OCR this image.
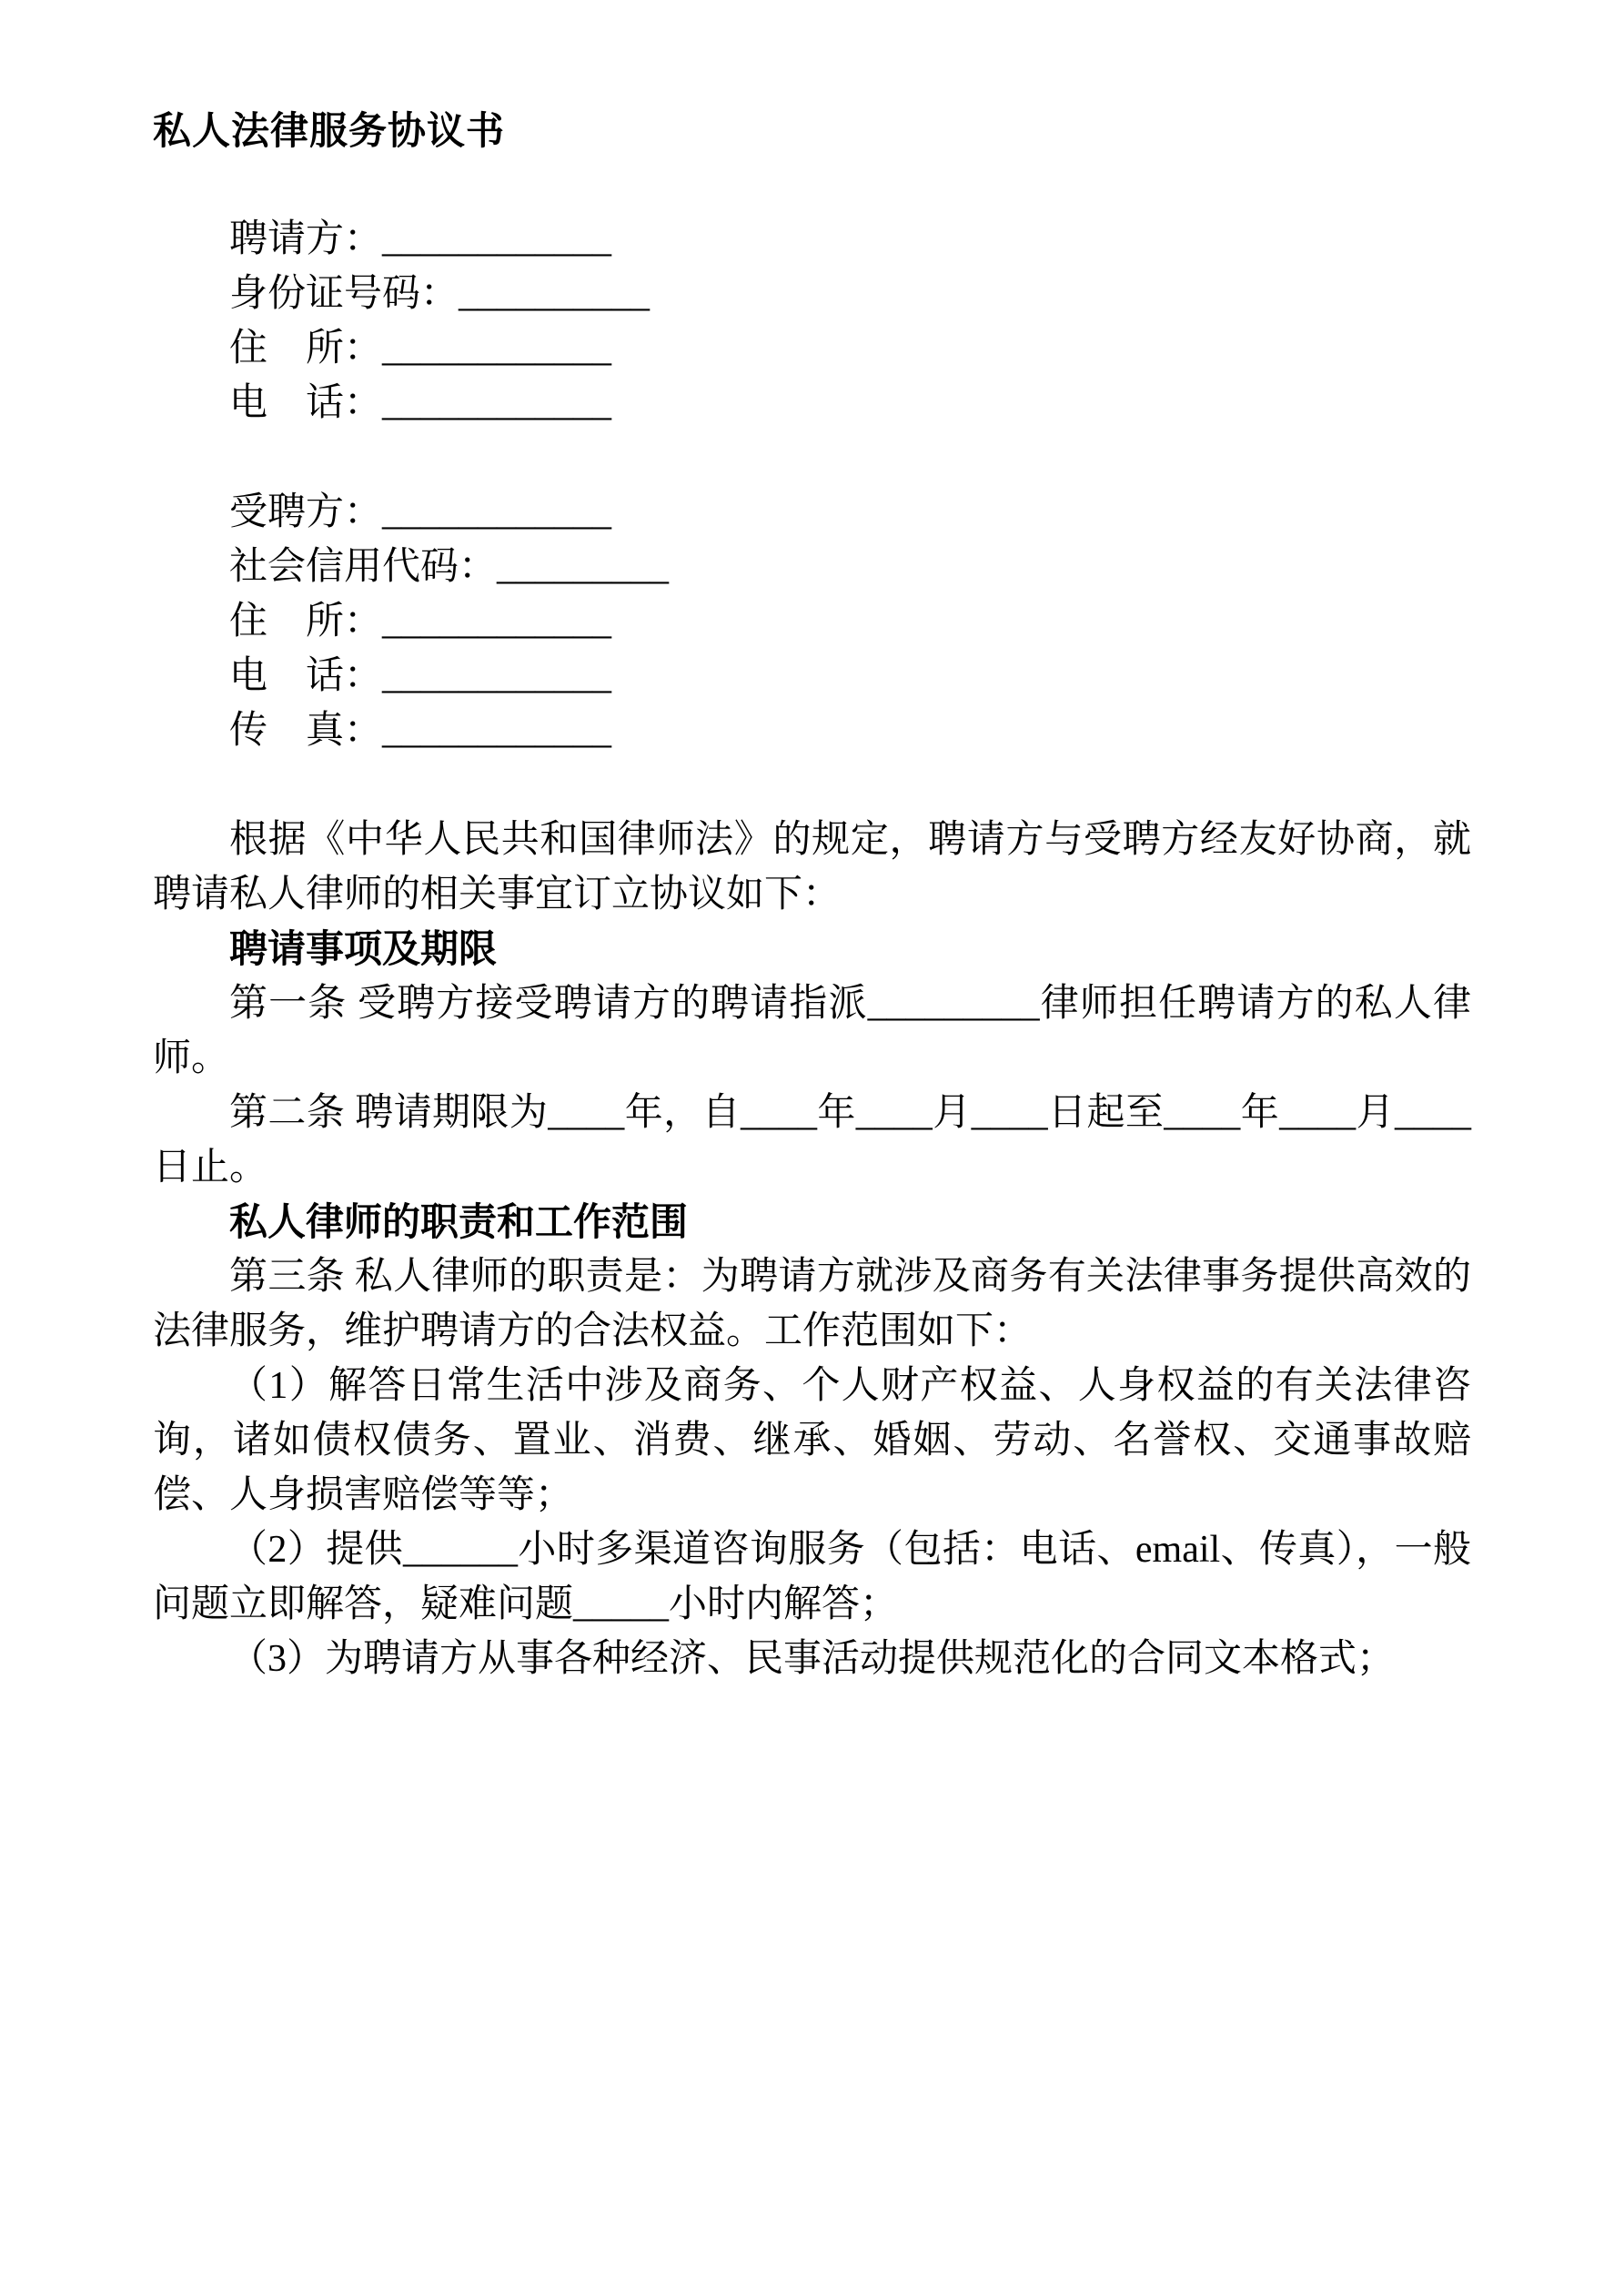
私人法律服务协议书
聘请方：____________
身份证号码：__________
住　所：____________
电　话：____________
受聘方：____________
社会信用代码：_________
住　所：____________
电　话：____________
传　真：____________

根据《中华人民共和国律师法》的规定，聘请方与受聘方经友好协商，就聘请私人律师的相关事宜订立协议如下：

聘请事项及期限

第一条 受聘方接受聘请方的聘请指派_________律师担任聘请方的私人律师。

第二条 聘请期限为____年，自____年____月____日起至____年____月____日止。

私人律师的职责和工作范围

第三条 私人律师的职责是：为聘请方就涉及商务有关法律事务提供高效的法律服务，维护聘请方的合法权益。工作范围如下：

（1）解答日常生活中涉及商务、个人财产权益、人身权益的有关法律咨询，诸如债权债务、置业、消费、继承、婚姻、劳动、名誉权、交通事故赔偿、人身损害赔偿等等；

（2）提供______小时多渠道咨询服务（包括：电话、email、传真），一般问题立即解答，疑难问题_____小时内解答；

（3）为聘请方从事各种经济、民事活动提供规范化的合同文本格式；
